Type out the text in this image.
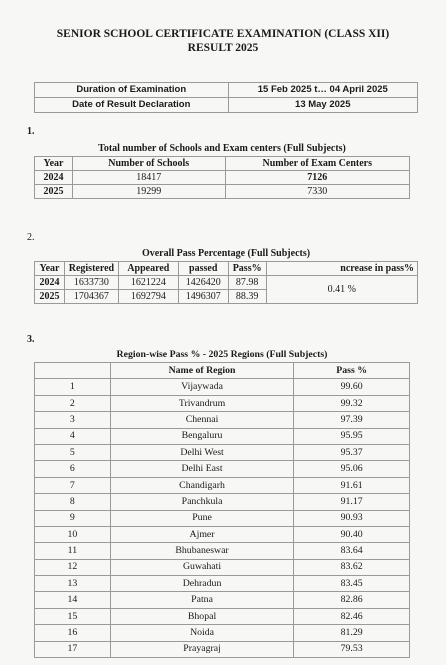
SENIOR SCHOOL CERTIFICATE EXAMINATION (CLASS XII)
RESULT 2025
Duration of Examination	15 Feb 2025 t… 04 April 2025
Date of Result Declaration	13 May 2025
1.
Total number of Schools and Exam centers (Full Subjects)		
Year	Number of Schools	Number of Exam Centers
2024	18417	7126
2025	19299	7330
2.
Overall Pass Percentage (Full Subjects)					
Year	Registered	Appeared	passed	Pass%	ncrease in pass%
2024	1633730	1621224	1426420	87.98	0.41 %
2025	1704367	1692794	1496307	88.39	
3.
Region-wise Pass % - 2025 Regions (Full Subjects)		
	Name of Region	Pass %
1	Vijaywada	99.60
2	Trivandrum	99.32
3	Chennai	97.39
4	Bengaluru	95.95
5	Delhi West	95.37
6	Delhi East	95.06
7	Chandigarh	91.61
8	Panchkula	91.17
9	Pune	90.93
10	Ajmer	90.40
11	Bhubaneswar	83.64
12	Guwahati	83.62
13	Dehradun	83.45
14	Patna	82.86
15	Bhopal	82.46
16	Noida	81.29
17	Prayagraj	79.53
